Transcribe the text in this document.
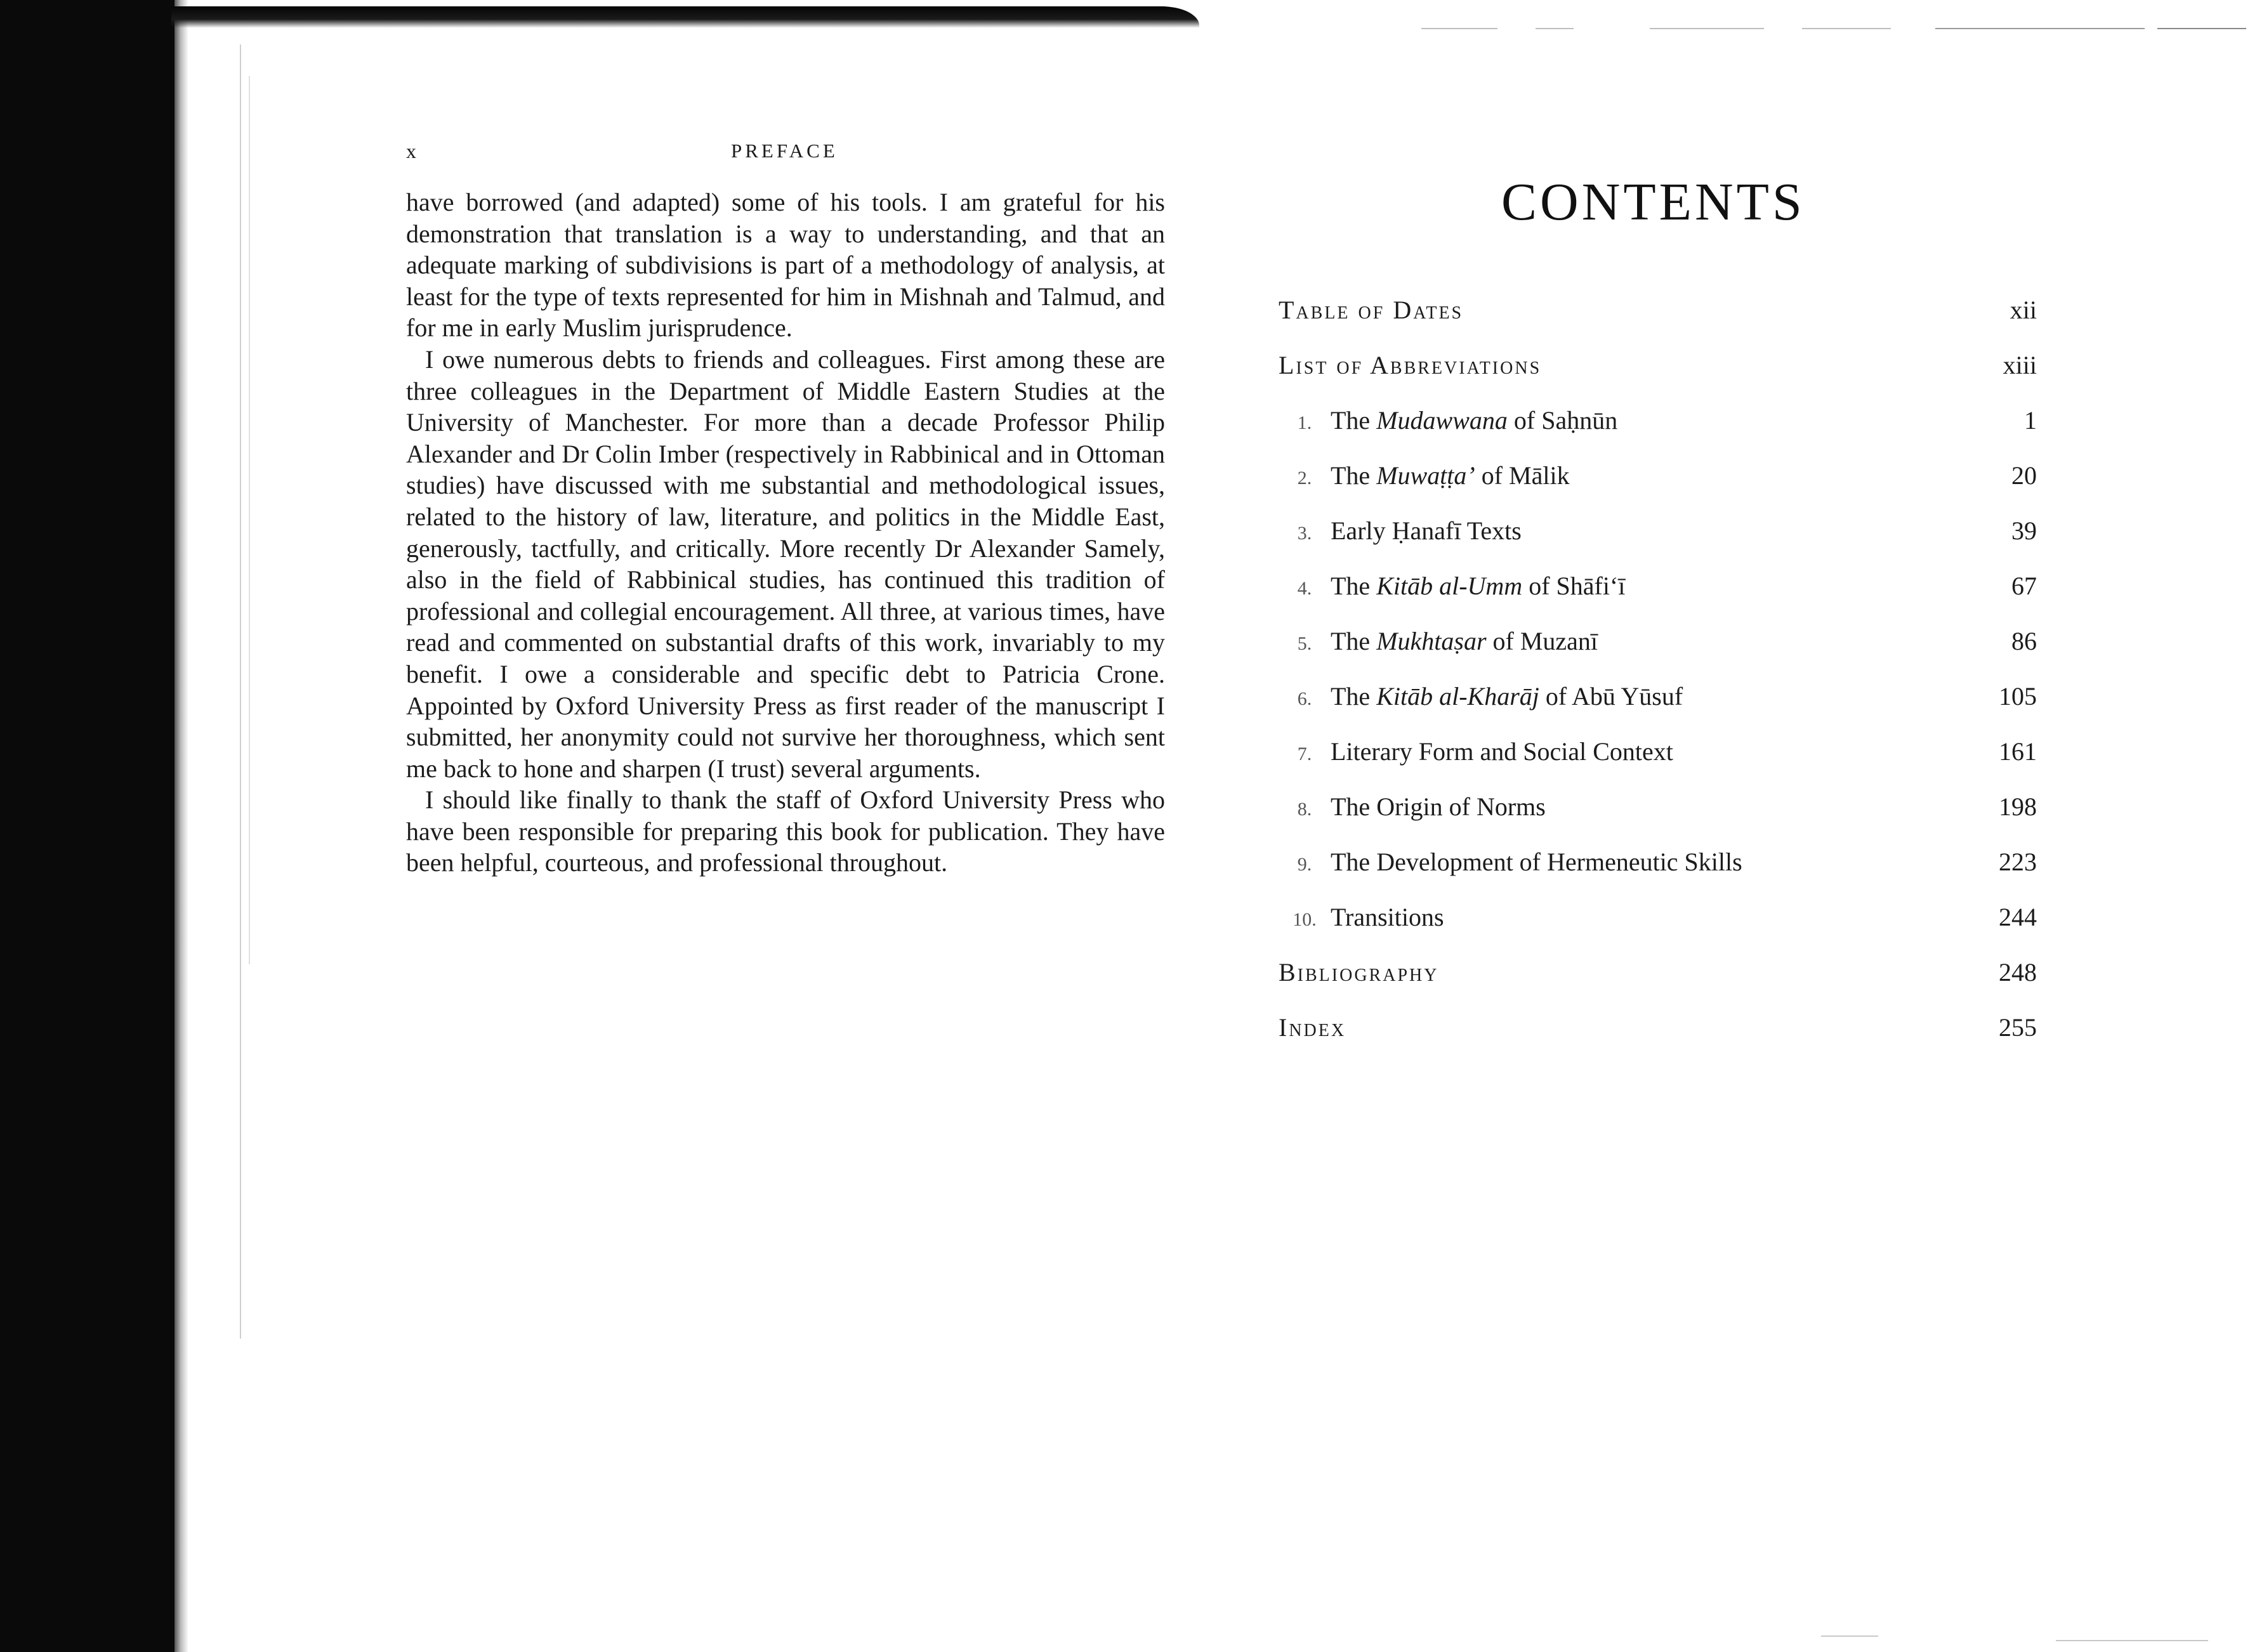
x	PREFACE

have borrowed (and adapted) some of his tools. I am grateful for his demonstration that translation is a way to understanding, and that an adequate marking of subdivisions is part of a methodology of analysis, at least for the type of texts represented for him in Mishnah and Talmud, and for me in early Muslim jurisprudence.

I owe numerous debts to friends and colleagues. First among these are three colleagues in the Department of Middle Eastern Studies at the University of Manchester. For more than a decade Professor Philip Alexander and Dr Colin Imber (respectively in Rabbinical and in Ottoman studies) have discussed with me substantial and methodological issues, related to the history of law, literature, and politics in the Middle East, generously, tactfully, and critically. More recently Dr Alexander Samely, also in the field of Rabbinical studies, has continued this tradition of professional and collegial encouragement. All three, at various times, have read and commented on substantial drafts of this work, invariably to my benefit. I owe a considerable and specific debt to Patricia Crone. Appointed by Oxford University Press as first reader of the manuscript I submitted, her anonymity could not survive her thoroughness, which sent me back to hone and sharpen (I trust) several arguments.

I should like finally to thank the staff of Oxford University Press who have been responsible for preparing this book for publication. They have been helpful, courteous, and professional throughout.

CONTENTS
Table of Dates	xii
List of Abbreviations	xiii
1. The Mudawwana of Saḥnūn	1
2. The Muwaṭṭa’ of Mālik	20
3. Early Ḥanafī Texts	39
4. The Kitāb al-Umm of Shāfi‘ī	67
5. The Mukhtaṣar of Muzanī	86
6. The Kitāb al-Kharāj of Abū Yūsuf	105
7. Literary Form and Social Context	161
8. The Origin of Norms	198
9. The Development of Hermeneutic Skills	223
10. Transitions	244
Bibliography	248
Index	255
